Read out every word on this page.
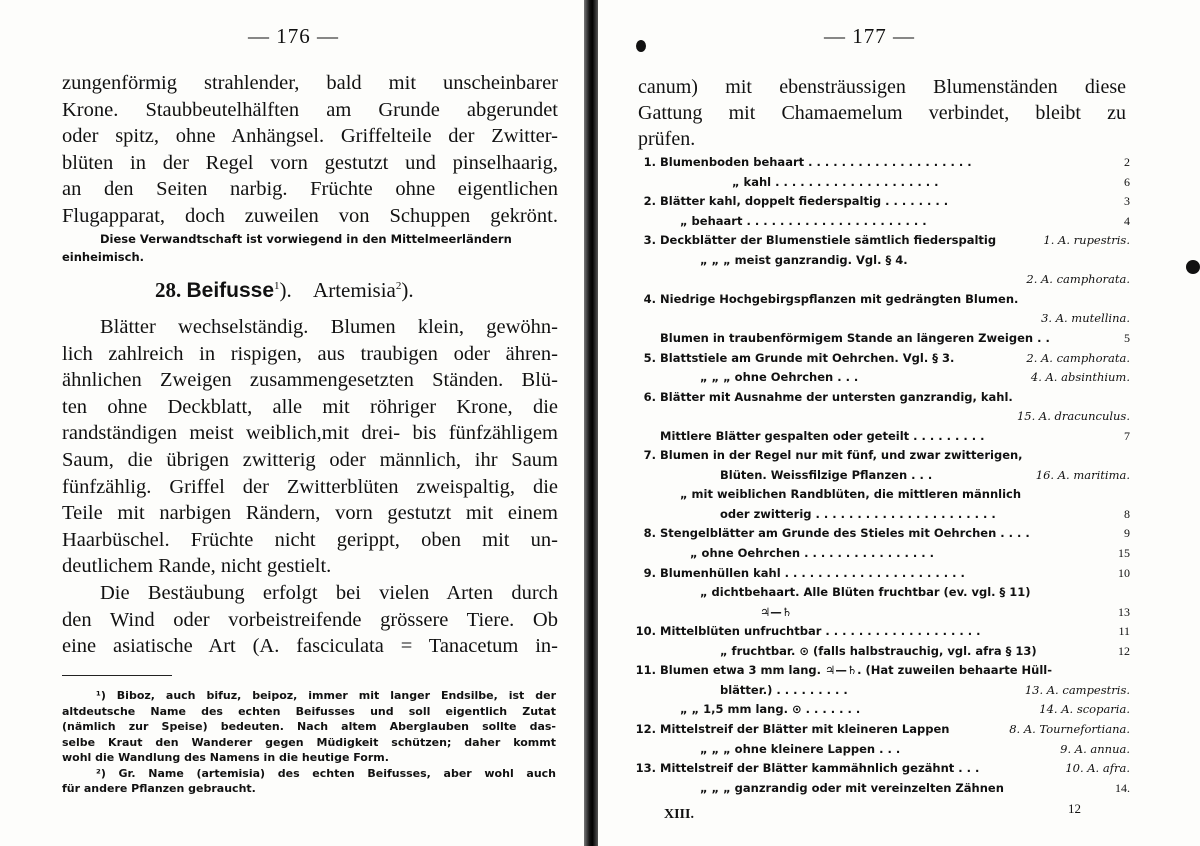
— 176 —
zungenförmig strahlender, bald mit unscheinbarer
Krone. Staubbeutelhälften am Grunde abgerundet
oder spitz, ohne Anhängsel. Griffelteile der Zwitter-
blüten in der Regel vorn gestutzt und pinselhaarig,
an den Seiten narbig. Früchte ohne eigentlichen
Flugapparat, doch zuweilen von Schuppen gekrönt.
Diese Verwandtschaft ist vorwiegend in den Mittelmeerländern
einheimisch.
28. Beifusse$^1$). Artemisia$^2$).
Blätter wechselständig. Blumen klein, gewöhn-
lich zahlreich in rispigen, aus traubigen oder ähren-
ähnlichen Zweigen zusammengesetzten Ständen. Blü-
ten ohne Deckblatt, alle mit röhriger Krone, die
randständigen meist weiblich,mit drei- bis fünfzähligem
Saum, die übrigen zwitterig oder männlich, ihr Saum
fünfzählig. Griffel der Zwitterblüten zweispaltig, die
Teile mit narbigen Rändern, vorn gestutzt mit einem
Haarbüschel. Früchte nicht gerippt, oben mit un-
deutlichem Rande, nicht gestielt.
Die Bestäubung erfolgt bei vielen Arten durch
den Wind oder vorbeistreifende grössere Tiere. Ob
eine asiatische Art (A. fasciculata = Tanacetum in-
¹) Biboz, auch bifuz, beipoz, immer mit langer Endsilbe, ist der
altdeutsche Name des echten Beifusses und soll eigentlich Zutat
(nämlich zur Speise) bedeuten. Nach altem Aberglauben sollte das-
selbe Kraut den Wanderer gegen Müdigkeit schützen; daher kommt
wohl die Wandlung des Namens in die heutige Form.
²) Gr. Name (artemisia) des echten Beifusses, aber wohl auch
für andere Pflanzen gebraucht.
— 177 —
canum) mit ebensträussigen Blumenständen diese
Gattung mit Chamaemelum verbindet, bleibt zu
prüfen.
1. Blumenboden behaart . . . . . . . . . . . . . . . . . . . .	2
„ kahl . . . . . . . . . . . . . . . . . . . .	6
2. Blätter kahl, doppelt fiederspaltig . . . . . . . .	3
„ behaart . . . . . . . . . . . . . . . . . . . . . .	4
3. Deckblätter der Blumenstiele sämtlich fiederspaltig	1. A. rupestris.
„ „ „ meist ganzrandig. Vgl. § 4.
2. A. camphorata.
4. Niedrige Hochgebirgspflanzen mit gedrängten Blumen.
3. A. mutellina.
Blumen in traubenförmigem Stande an längeren Zweigen . .	5
5. Blattstiele am Grunde mit Oehrchen. Vgl. § 3.	2. A. camphorata.
„ „ „ ohne Oehrchen . . .	4. A. absinthium.
6. Blätter mit Ausnahme der untersten ganzrandig, kahl.
15. A. dracunculus.
Mittlere Blätter gespalten oder geteilt . . . . . . . . .	7
7. Blumen in der Regel nur mit fünf, und zwar zwitterigen,
Blüten. Weissfilzige Pflanzen . . .	16. A. maritima.
„ mit weiblichen Randblüten, die mittleren männlich
oder zwitterig . . . . . . . . . . . . . . . . . . . . . .	8
8. Stengelblätter am Grunde des Stieles mit Oehrchen . . . .	9
„ ohne Oehrchen . . . . . . . . . . . . . . . .	15
9. Blumenhüllen kahl . . . . . . . . . . . . . . . . . . . . . .	10
„ dichtbehaart. Alle Blüten fruchtbar (ev. vgl. § 11)
♃—♄	13
10. Mittelblüten unfruchtbar . . . . . . . . . . . . . . . . . . .	11
„ fruchtbar. ⊙ (falls halbstrauchig, vgl. afra § 13)	12
11. Blumen etwa 3 mm lang. ♃—♄. (Hat zuweilen behaarte Hüll-
blätter.) . . . . . . . . .	13. A. campestris.
„ „ 1,5 mm lang. ⊙ . . . . . . .	14. A. scoparia.
12. Mittelstreif der Blätter mit kleineren Lappen	8. A. Tournefortiana.
„ „ „ ohne kleinere Lappen . . .	9. A. annua.
13. Mittelstreif der Blätter kammähnlich gezähnt . . .	10. A. afra.
„ „ „ ganzrandig oder mit vereinzelten Zähnen	14.
XIII.	12
